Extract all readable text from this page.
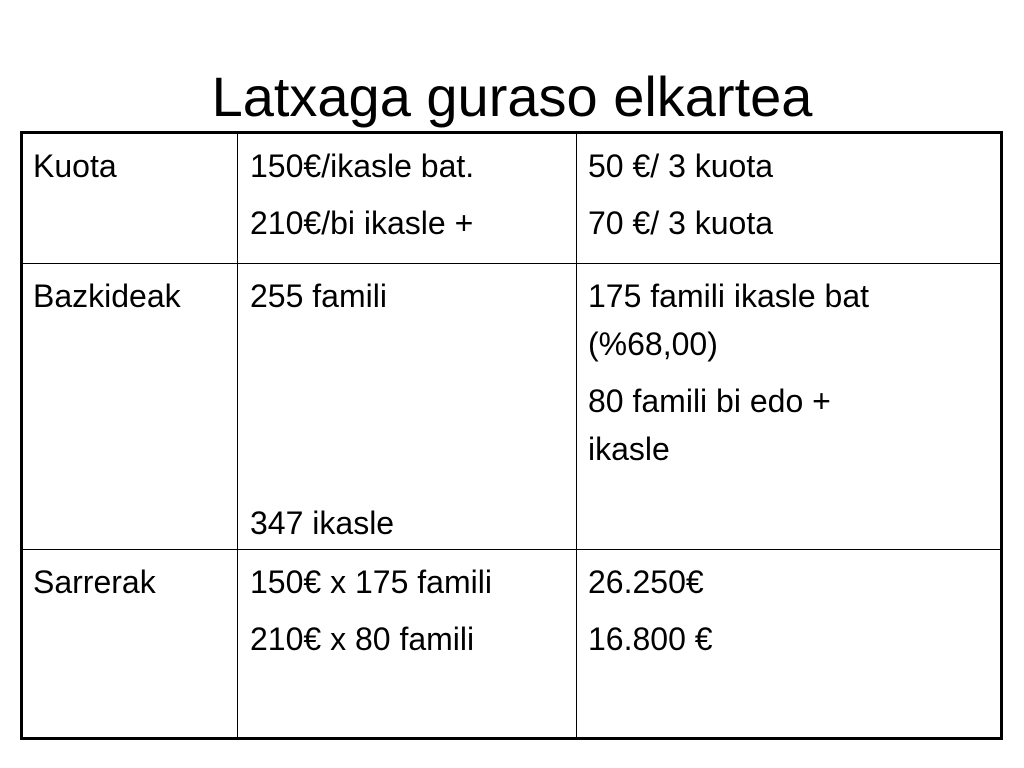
Latxaga guraso elkartea
Kuota	150€/ikasle bat.
210€/bi ikasle +
50 €/ 3 kuota
70 €/ 3 kuota
Bazkideak 255 famili
347 ikasle
175 famili ikasle bat
(%68,00)
80 famili bi edo +
ikasle
Sarrerak	150€ x 175 famili
210€ x 80 famili
26.250€
16.800 €
